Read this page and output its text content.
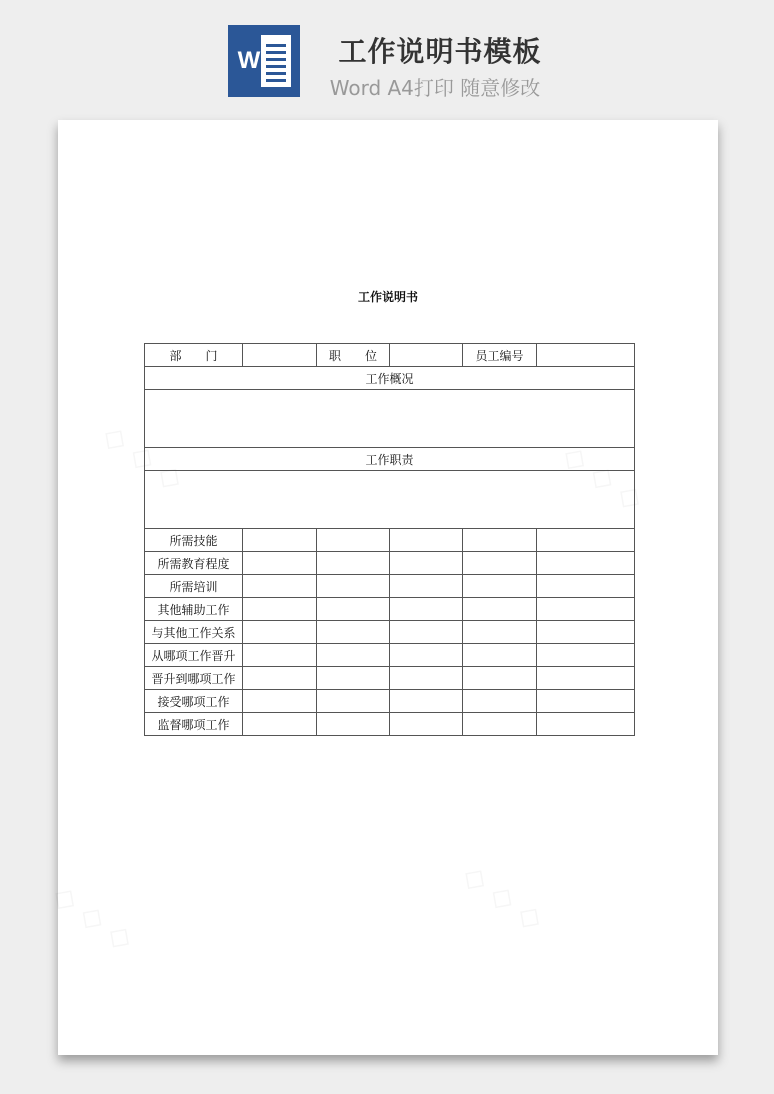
W	工作说明书模板
Word A4打印 随意修改
工作说明书
部　　门		职　　位		员工编号	
工作概况					

工作职责					

所需技能					
所需教育程度					
所需培训					
其他辅助工作					
与其他工作关系					
从哪项工作晋升					
晋升到哪项工作					
接受哪项工作					
监督哪项工作					
